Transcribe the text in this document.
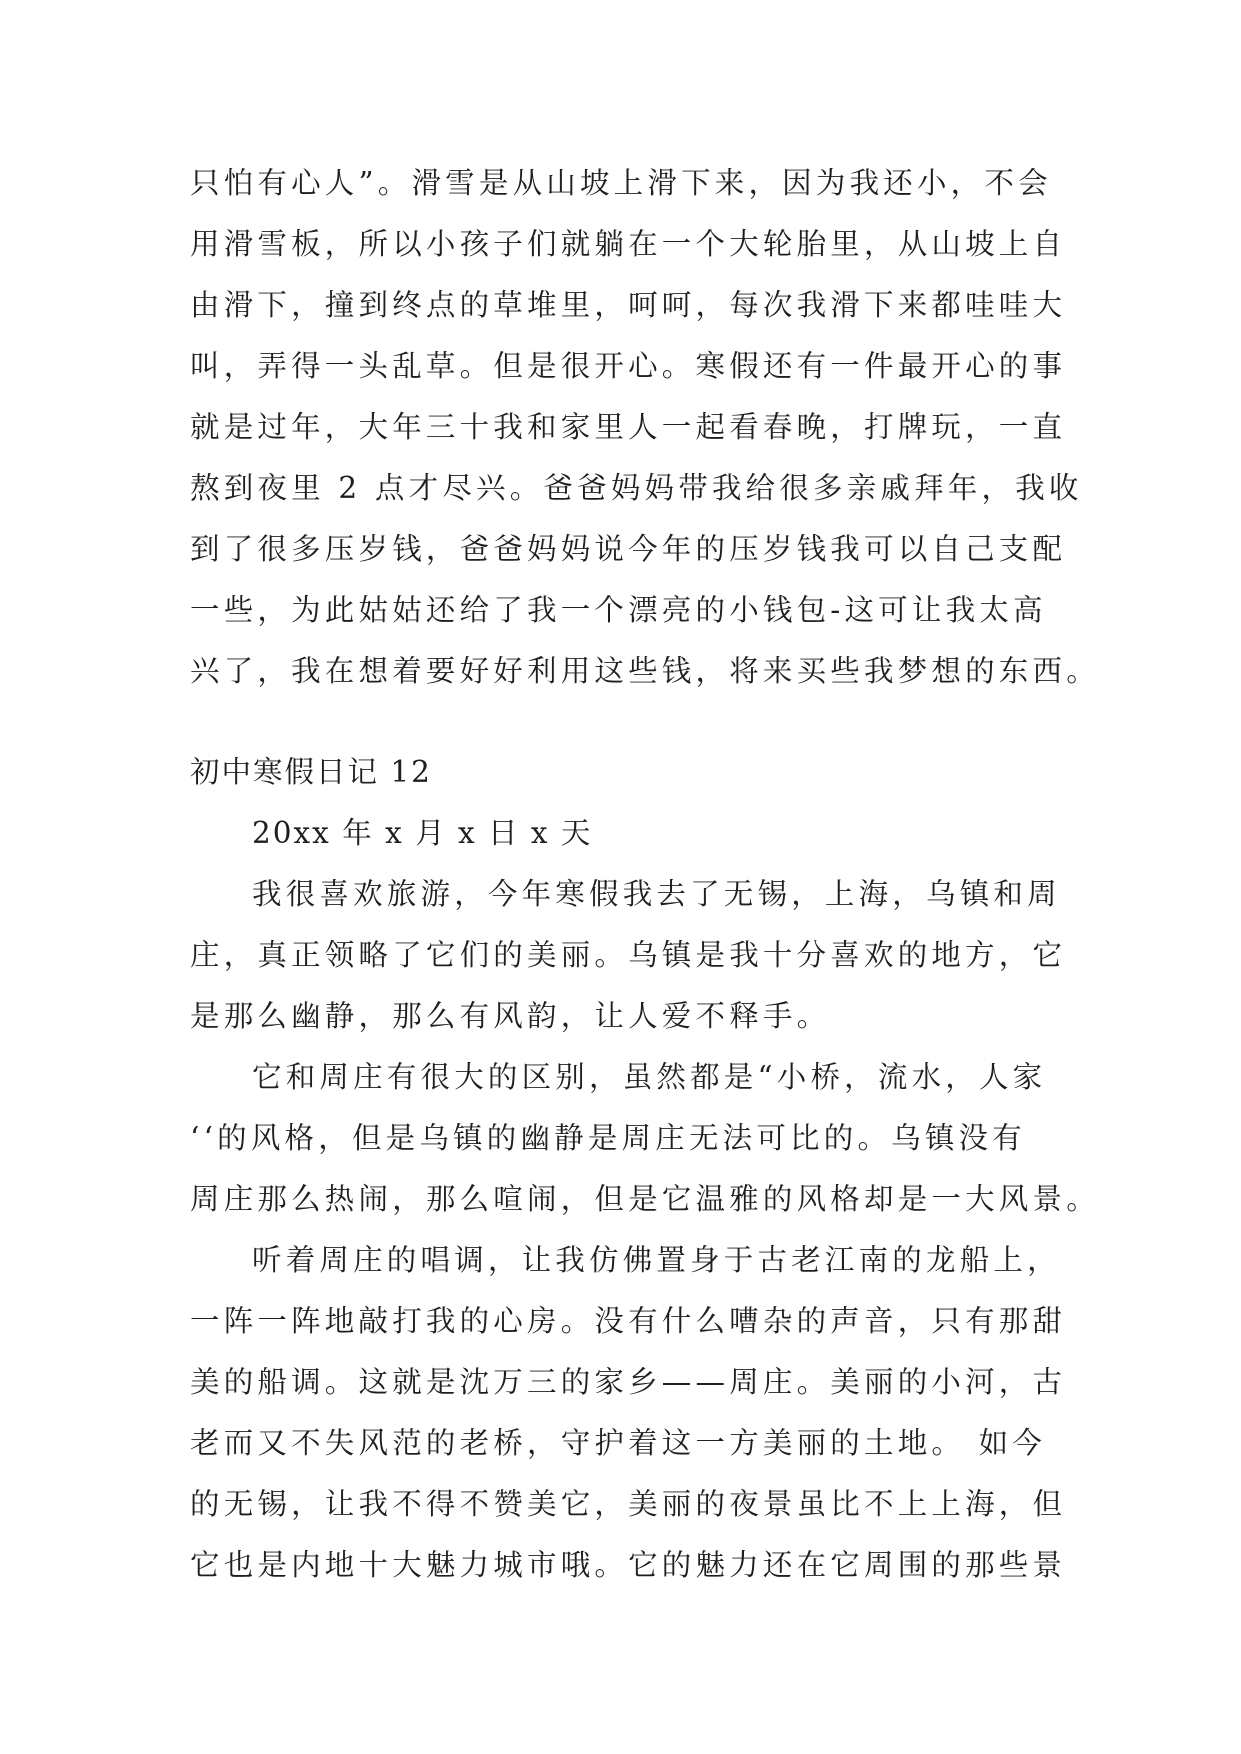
只怕有心人”。滑雪是从山坡上滑下来，因为我还小，不会
用滑雪板，所以小孩子们就躺在一个大轮胎里，从山坡上自
由滑下，撞到终点的草堆里，呵呵，每次我滑下来都哇哇大
叫，弄得一头乱草。但是很开心。寒假还有一件最开心的事
就是过年，大年三十我和家里人一起看春晚，打牌玩，一直
熬到夜里 2 点才尽兴。爸爸妈妈带我给很多亲戚拜年，我收
到了很多压岁钱，爸爸妈妈说今年的压岁钱我可以自己支配
一些，为此姑姑还给了我一个漂亮的小钱包-这可让我太高
兴了，我在想着要好好利用这些钱，将来买些我梦想的东西。
初中寒假日记 12
20xx 年 x 月 x 日 x 天
我很喜欢旅游，今年寒假我去了无锡，上海，乌镇和周
庄，真正领略了它们的美丽。乌镇是我十分喜欢的地方，它
是那么幽静，那么有风韵，让人爱不释手。
它和周庄有很大的区别，虽然都是“小桥，流水，人家
‘‘的风格，但是乌镇的幽静是周庄无法可比的。乌镇没有
周庄那么热闹，那么喧闹，但是它温雅的风格却是一大风景。
听着周庄的唱调，让我仿佛置身于古老江南的龙船上，
一阵一阵地敲打我的心房。没有什么嘈杂的声音，只有那甜
美的船调。这就是沈万三的家乡——周庄。美丽的小河，古
老而又不失风范的老桥，守护着这一方美丽的土地。 如今
的无锡，让我不得不赞美它，美丽的夜景虽比不上上海，但
它也是内地十大魅力城市哦。它的魅力还在它周围的那些景
